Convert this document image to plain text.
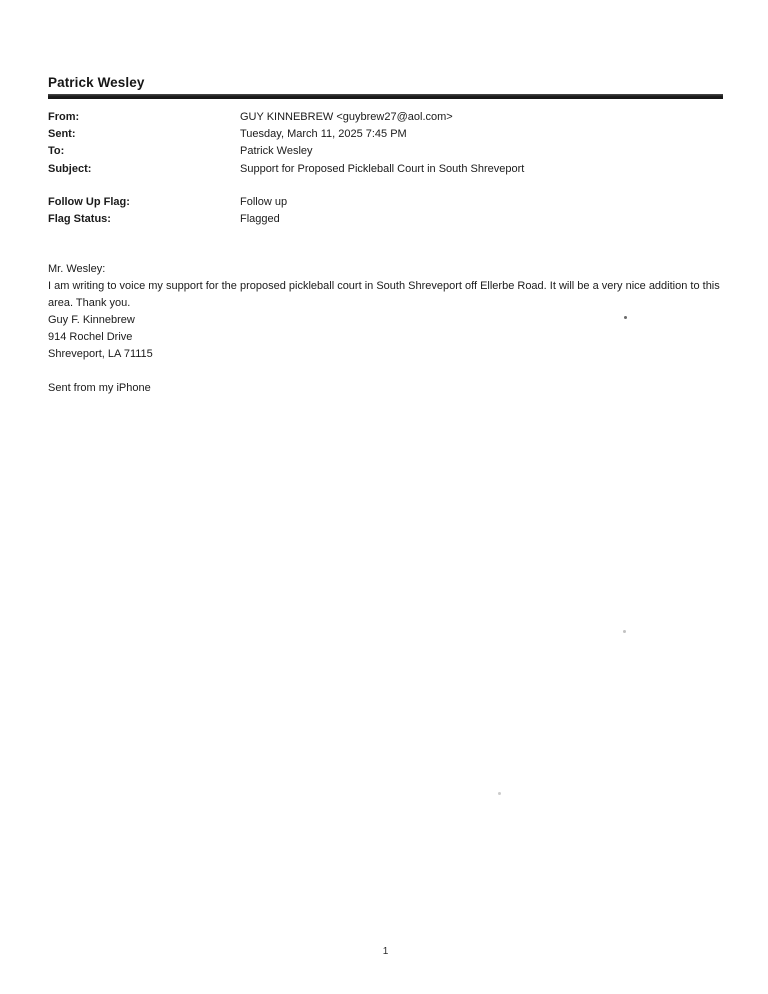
Patrick Wesley
From:	GUY KINNEBREW <guybrew27@aol.com>
Sent:	Tuesday, March 11, 2025 7:45 PM
To:	Patrick Wesley
Subject:	Support for Proposed Pickleball Court in South Shreveport
Follow Up Flag:	Follow up
Flag Status:	Flagged
Mr. Wesley:
I am writing to voice my support for the proposed pickleball court in South Shreveport off Ellerbe Road. It will be a very nice addition to this area. Thank you.
Guy F. Kinnebrew
914 Rochel Drive
Shreveport, LA 71115
Sent from my iPhone
1
